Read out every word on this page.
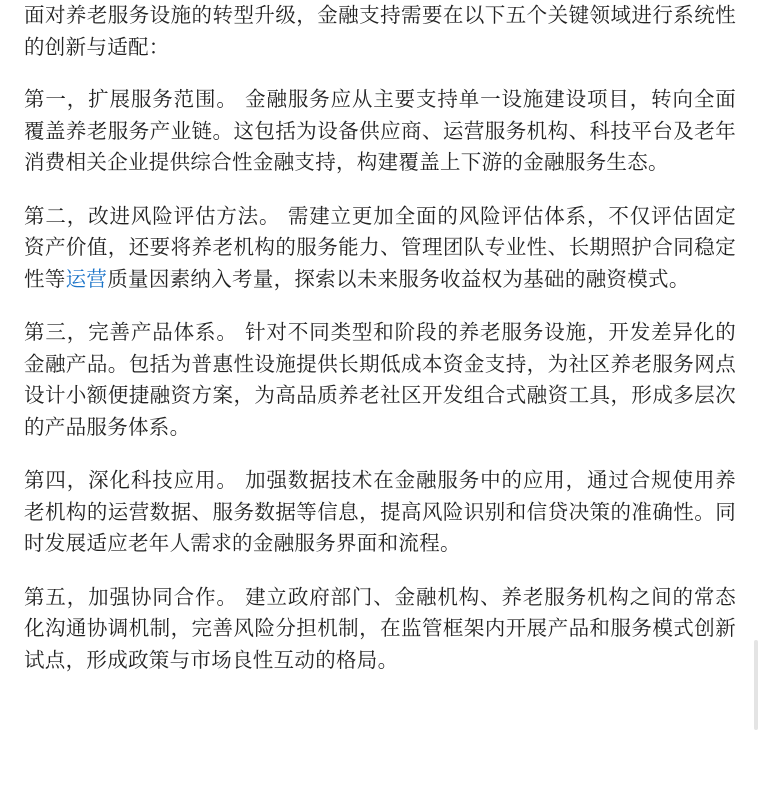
面对养老服务设施的转型升级，金融支持需要在以下五个关键领域进行系统性的创新与适配：

第一，扩展服务范围。 金融服务应从主要支持单一设施建设项目，转向全面覆盖养老服务产业链。这包括为设备供应商、运营服务机构、科技平台及老年消费相关企业提供综合性金融支持，构建覆盖上下游的金融服务生态。

第二，改进风险评估方法。 需建立更加全面的风险评估体系，不仅评估固定资产价值，还要将养老机构的服务能力、管理团队专业性、长期照护合同稳定性等运营质量因素纳入考量，探索以未来服务收益权为基础的融资模式。

第三，完善产品体系。 针对不同类型和阶段的养老服务设施，开发差异化的金融产品。包括为普惠性设施提供长期低成本资金支持，为社区养老服务网点设计小额便捷融资方案，为高品质养老社区开发组合式融资工具，形成多层次的产品服务体系。

第四，深化科技应用。 加强数据技术在金融服务中的应用，通过合规使用养老机构的运营数据、服务数据等信息，提高风险识别和信贷决策的准确性。同时发展适应老年人需求的金融服务界面和流程。

第五，加强协同合作。 建立政府部门、金融机构、养老服务机构之间的常态化沟通协调机制，完善风险分担机制，在监管框架内开展产品和服务模式创新试点，形成政策与市场良性互动的格局。
